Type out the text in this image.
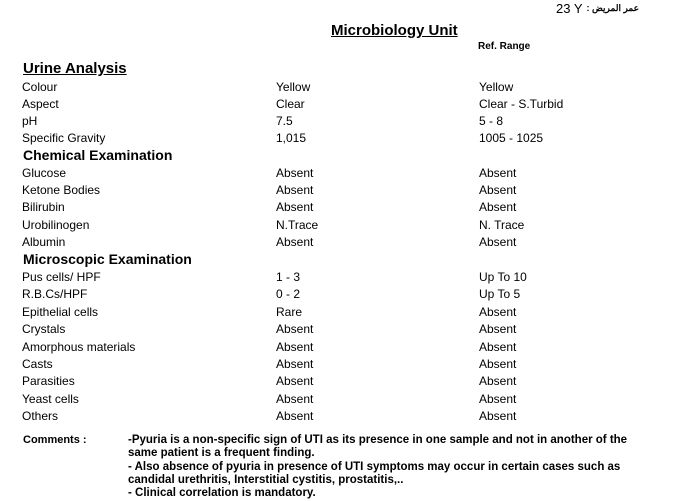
23 Y عمر المريض :
Microbiology Unit
Ref. Range
Urine Analysis
Colour	Yellow	Yellow
Aspect	Clear	Clear - S.Turbid
pH	7.5	5 - 8
Specific Gravity	1,015	1005 - 1025
Chemical Examination
Glucose	Absent	Absent
Ketone Bodies	Absent	Absent
Bilirubin	Absent	Absent
Urobilinogen	N.Trace	N. Trace
Albumin	Absent	Absent
Microscopic Examination
Pus cells/ HPF	1 - 3	Up To 10
R.B.Cs/HPF	0 - 2	Up To 5
Epithelial cells	Rare	Absent
Crystals	Absent	Absent
Amorphous materials	Absent	Absent
Casts	Absent	Absent
Parasities	Absent	Absent
Yeast cells	Absent	Absent
Others	Absent	Absent
Comments :	-Pyuria is a non-specific sign of UTI as its presence in one sample and not in another of the
same patient is a frequent finding.
- Also absence of pyuria in presence of UTI symptoms may occur in certain cases such as
candidal urethritis, Interstitial cystitis, prostatitis,..
- Clinical correlation is mandatory.
